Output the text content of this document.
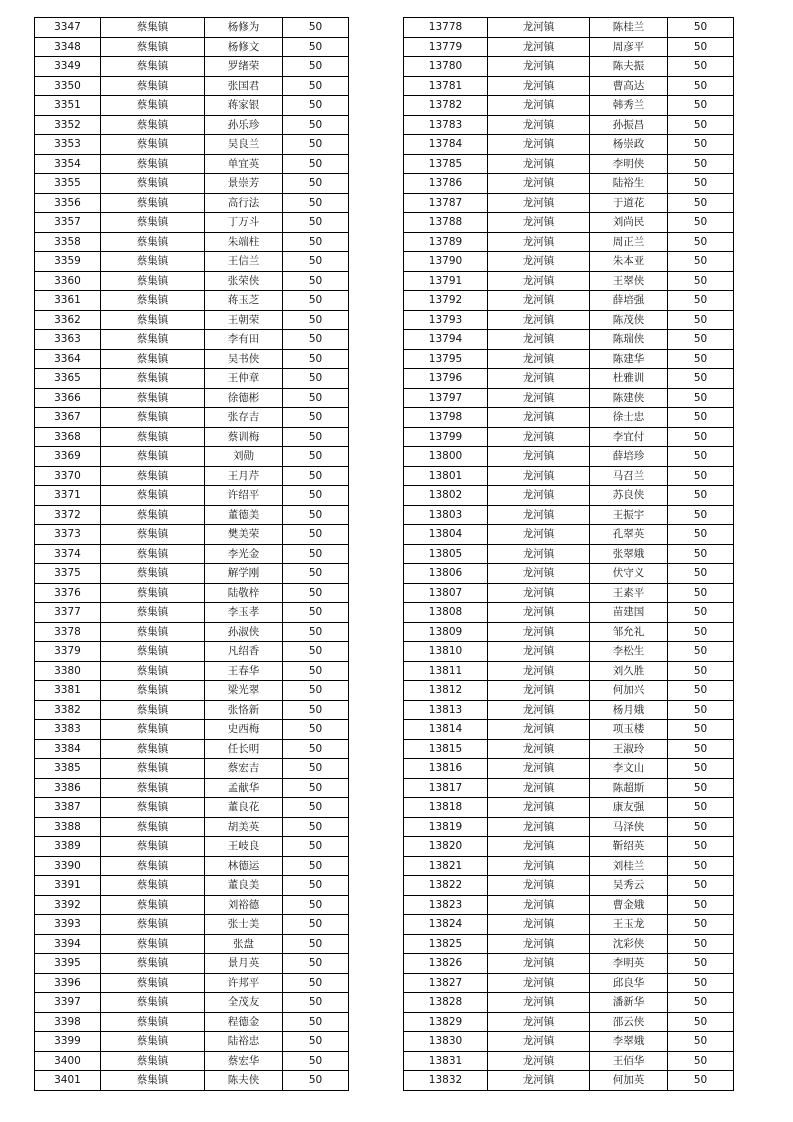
3347	蔡集镇	杨修为	50
3348	蔡集镇	杨修文	50
3349	蔡集镇	罗绪荣	50
3350	蔡集镇	张国君	50
3351	蔡集镇	蒋家银	50
3352	蔡集镇	孙乐珍	50
3353	蔡集镇	吴良兰	50
3354	蔡集镇	单宜英	50
3355	蔡集镇	景崇芳	50
3356	蔡集镇	高行法	50
3357	蔡集镇	丁万斗	50
3358	蔡集镇	朱端柱	50
3359	蔡集镇	王信兰	50
3360	蔡集镇	张荣侠	50
3361	蔡集镇	蒋玉芝	50
3362	蔡集镇	王朝荣	50
3363	蔡集镇	李有田	50
3364	蔡集镇	吴书侠	50
3365	蔡集镇	王仲章	50
3366	蔡集镇	徐德彬	50
3367	蔡集镇	张存吉	50
3368	蔡集镇	蔡训梅	50
3369	蔡集镇	刘勋	50
3370	蔡集镇	王月芹	50
3371	蔡集镇	许绍平	50
3372	蔡集镇	董德美	50
3373	蔡集镇	樊美荣	50
3374	蔡集镇	李光金	50
3375	蔡集镇	解学刚	50
3376	蔡集镇	陆敬梓	50
3377	蔡集镇	李玉孝	50
3378	蔡集镇	孙淑侠	50
3379	蔡集镇	凡绍香	50
3380	蔡集镇	王春华	50
3381	蔡集镇	梁光翠	50
3382	蔡集镇	张恪新	50
3383	蔡集镇	史西梅	50
3384	蔡集镇	任长明	50
3385	蔡集镇	蔡宏吉	50
3386	蔡集镇	孟献华	50
3387	蔡集镇	董良花	50
3388	蔡集镇	胡美英	50
3389	蔡集镇	王岐良	50
3390	蔡集镇	林德运	50
3391	蔡集镇	董良美	50
3392	蔡集镇	刘裕德	50
3393	蔡集镇	张士美	50
3394	蔡集镇	张盘	50
3395	蔡集镇	景月英	50
3396	蔡集镇	许邦平	50
3397	蔡集镇	全茂友	50
3398	蔡集镇	程德金	50
3399	蔡集镇	陆裕忠	50
3400	蔡集镇	蔡宏华	50
3401	蔡集镇	陈夫侠	50
13778	龙河镇	陈桂兰	50
13779	龙河镇	周彦平	50
13780	龙河镇	陈夫振	50
13781	龙河镇	曹高达	50
13782	龙河镇	韩秀兰	50
13783	龙河镇	孙振昌	50
13784	龙河镇	杨崇政	50
13785	龙河镇	李明侠	50
13786	龙河镇	陆裕生	50
13787	龙河镇	于道花	50
13788	龙河镇	刘尚民	50
13789	龙河镇	周正兰	50
13790	龙河镇	朱本亚	50
13791	龙河镇	王翠侠	50
13792	龙河镇	薛培强	50
13793	龙河镇	陈茂侠	50
13794	龙河镇	陈瑞侠	50
13795	龙河镇	陈建华	50
13796	龙河镇	杜雅训	50
13797	龙河镇	陈建侠	50
13798	龙河镇	徐士忠	50
13799	龙河镇	李宜付	50
13800	龙河镇	薛培珍	50
13801	龙河镇	马召兰	50
13802	龙河镇	苏良侠	50
13803	龙河镇	王振宇	50
13804	龙河镇	孔翠英	50
13805	龙河镇	张翠娥	50
13806	龙河镇	伏守义	50
13807	龙河镇	王素平	50
13808	龙河镇	苗建国	50
13809	龙河镇	邹允礼	50
13810	龙河镇	李松生	50
13811	龙河镇	刘久胜	50
13812	龙河镇	何加兴	50
13813	龙河镇	杨月娥	50
13814	龙河镇	项玉楼	50
13815	龙河镇	王淑玲	50
13816	龙河镇	李文山	50
13817	龙河镇	陈超斯	50
13818	龙河镇	康友强	50
13819	龙河镇	马泽侠	50
13820	龙河镇	靳绍英	50
13821	龙河镇	刘桂兰	50
13822	龙河镇	吴秀云	50
13823	龙河镇	曹金娥	50
13824	龙河镇	王玉龙	50
13825	龙河镇	沈彩侠	50
13826	龙河镇	李明英	50
13827	龙河镇	邱良华	50
13828	龙河镇	潘新华	50
13829	龙河镇	邵云侠	50
13830	龙河镇	李翠娥	50
13831	龙河镇	王佰华	50
13832	龙河镇	何加英	50
